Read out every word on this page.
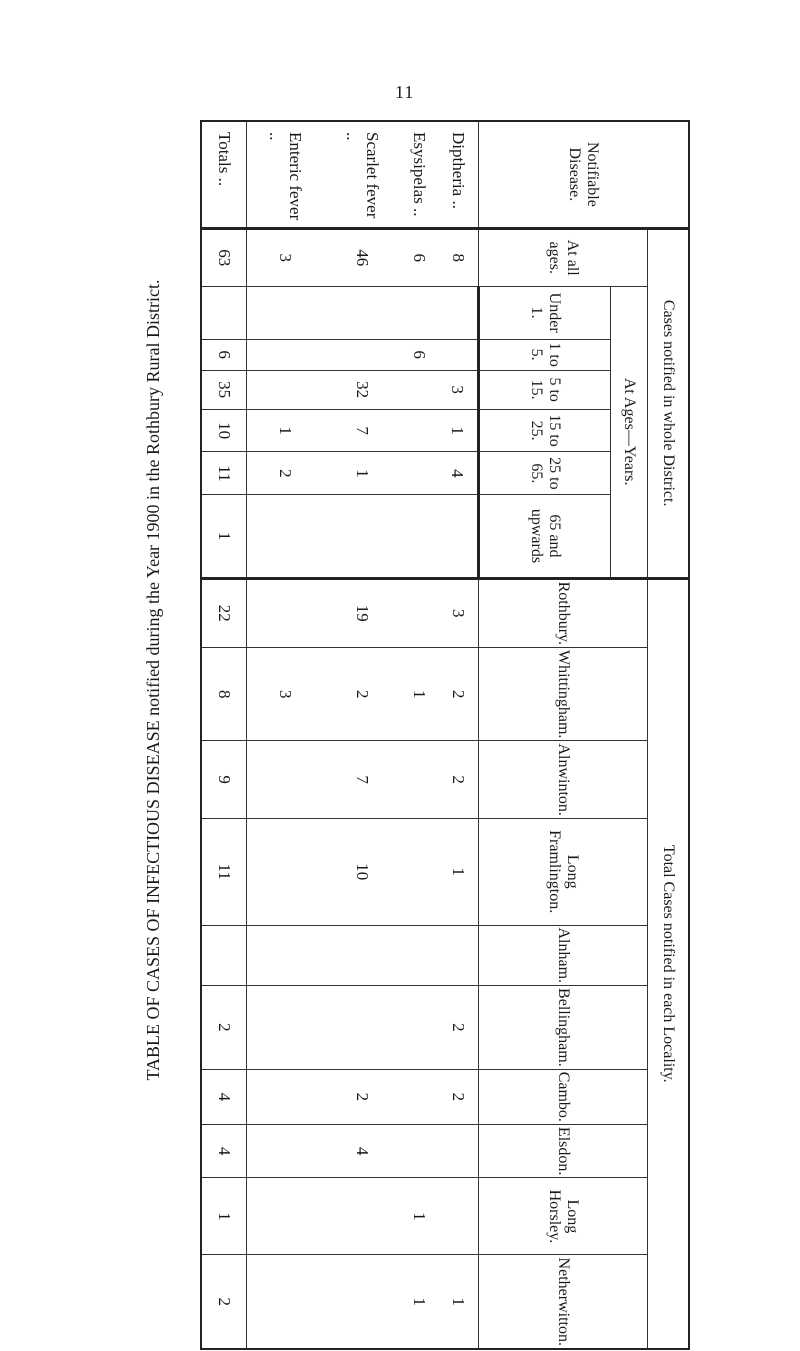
11
TABLE OF CASES OF INFECTIOUS DISEASE notified during the Year 1900 in the Rothbury Rural District.
Notifiable Disease.	Cases notified in whole District.							Total Cases notified in each Locality.									
	At all ages.	At Ages—Years.						Rothbury.	Whittingham.	Alnwinton.	Long Framlington.	Alnham.	Bellingham.	Cambo.	Elsdon.	Long Horsley.	Netherwitton.
		Under 1.	1 to 5.	5 to 15.	15 to 25.	25 to 65.	65 and upwards										
Diptheria ..	8			3	1	4		3	2	2	1		2	2			1
Esysipelas ..	6		6						1							1	1
Scarlet fever ..	46			32	7	1		19	2	7	10			2	4		
Enteric fever ..	3				1	2			3								
Totals ..	63		6	35	10	11	1	22	8	9	11		2	4	4	1	2
